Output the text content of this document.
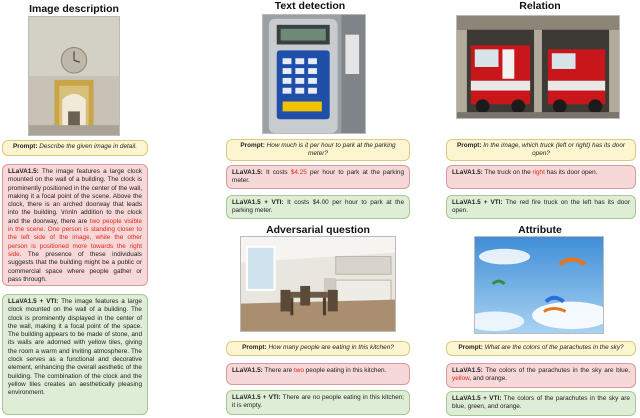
Image description
Prompt: Describe the given image in detail.
LLaVA1.5: The image features a large clock mounted on the wall of a building. The clock is prominently positioned in the center of the wall, making it a focal point of the scene. Above the clock, there is an arched doorway that leads into the building. \n\nIn addition to the clock and the doorway, there are two people visible in the scene. One person is standing closer to the left side of the image, while the other person is positioned more towards the right side. The presence of these individuals suggests that the building might be a public or commercial space where people gather or pass through.
LLaVA1.5 + VTI: The image features a large clock mounted on the wall of a building. The clock is prominently displayed in the center of the wall, making it a focal point of the space. The building appears to be made of stone, and its walls are adorned with yellow tiles, giving the room a warm and inviting atmosphere. The clock serves as a functional and decorative element, enhancing the overall aesthetic of the building. The combination of the clock and the yellow tiles creates an aesthetically pleasing environment.
Text detection
Prompt: How much is it per hour to park at the parking meter?
LLaVA1.5: It costs $4.25 per hour to park at the parking meter.
LLaVA1.5 + VTI: It costs $4.00 per hour to park at the parking meter.
Adversarial question
Prompt: How many people are eating in this kitchen?
LLaVA1.5: There are two people eating in this kitchen.
LLaVA1.5 + VTI: There are no people eating in this kitchen; it is empty.
Relation
Prompt: In the image, which truck (left or right) has its door open?
LLaVA1.5: The truck on the right has its door open.
LLaVA1.5 + VTI: The red fire truck on the left has its door open.
Attribute
Prompt: What are the colors of the parachutes in the sky?
LLaVA1.5: The colors of the parachutes in the sky are blue, yellow, and orange.
LLaVA1.5 + VTI: The colors of the parachutes in the sky are blue, green, and orange.
